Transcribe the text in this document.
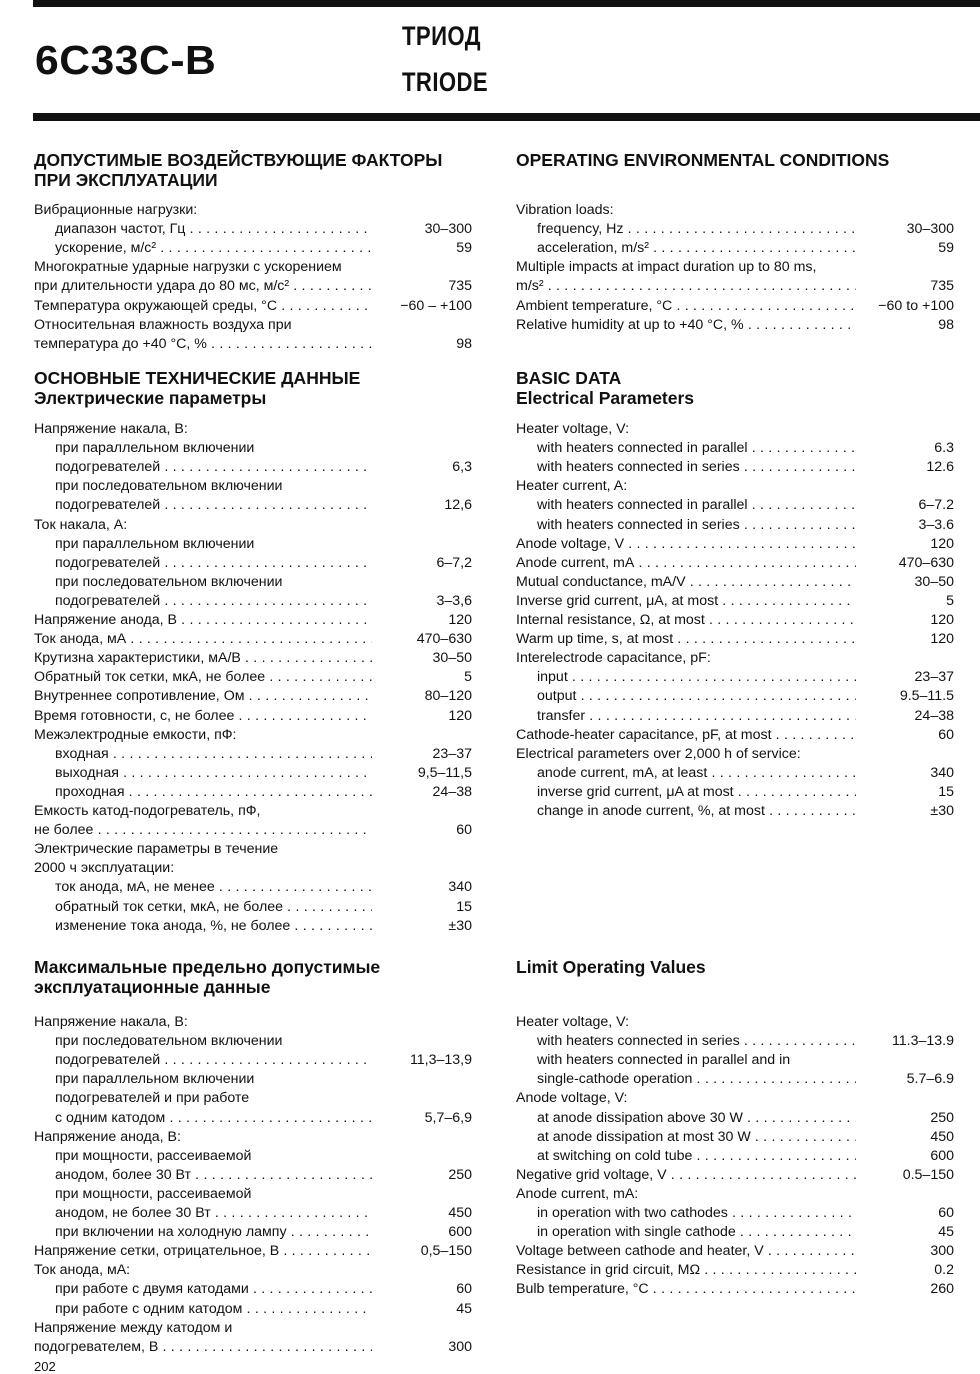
6С33С-В
ТРИОД
TRIODE
ДОПУСТИМЫЕ ВОЗДЕЙСТВУЮЩИЕ ФАКТОРЫ
ПРИ ЭКСПЛУАТАЦИИ
Вибрационные нагрузки:
диапазон частот, Гц . . .	30–300
ускорение, м/с² . . .	59
Многократные ударные нагрузки с ускорением
при длительности удара до 80 мс, м/с² . . .	735
Температура окружающей среды, °С . . .	−60 – +100
Относительная влажность воздуха при
температура до +40 °С, % . . .	98
ОСНОВНЫЕ ТЕХНИЧЕСКИЕ ДАННЫЕ
Электрические параметры
Напряжение накала, В:
при параллельном включении
подогревателей . . .	6,3
при последовательном включении
подогревателей . . .	12,6
Ток накала, А:
при параллельном включении
подогревателей . . .	6–7,2
при последовательном включении
подогревателей . . .	3–3,6
Напряжение анода, В . . .	120
Ток анода, мА . . .	470–630
Крутизна характеристики, мА/В . . .	30–50
Обратный ток сетки, мкА, не более . . .	5
Внутреннее сопротивление, Ом . . .	80–120
Время готовности, с, не более . . .	120
Межэлектродные емкости, пФ:
входная . . .	23–37
выходная . . .	9,5–11,5
проходная . . .	24–38
Емкость катод-подогреватель, пФ,
не более . . .	60
Электрические параметры в течение
2000 ч эксплуатации:
ток анода, мА, не менее . . .	340
обратный ток сетки, мкА, не более . . .	15
изменение тока анода, %, не более . . .	±30
Максимальные предельно допустимые
эксплуатационные данные
Напряжение накала, В:
при последовательном включении
подогревателей . . .	11,3–13,9
при параллельном включении
подогревателей и при работе
с одним катодом . . .	5,7–6,9
Напряжение анода, В:
при мощности, рассеиваемой
анодом, более 30 Вт . . .	250
при мощности, рассеиваемой
анодом, не более 30 Вт . . .	450
при включении на холодную лампу . . .	600
Напряжение сетки, отрицательное, В . . .	0,5–150
Ток анода, мА:
при работе с двумя катодами . . .	60
при работе с одним катодом . . .	45
Напряжение между катодом и
подогревателем, В . . .	300
OPERATING ENVIRONMENTAL CONDITIONS
Vibration loads:
frequency, Hz . . .	30–300
acceleration, m/s² . . .	59
Multiple impacts at impact duration up to 80 ms,
m/s² . . .	735
Ambient temperature, °C . . .	−60 to +100
Relative humidity at up to +40 °C, % . . .	98
BASIC DATA
Electrical Parameters
Heater voltage, V:
with heaters connected in parallel . . .	6.3
with heaters connected in series . . .	12.6
Heater current, A:
with heaters connected in parallel . . .	6–7.2
with heaters connected in series . . .	3–3.6
Anode voltage, V . . .	120
Anode current, mA . . .	470–630
Mutual conductance, mA/V . . .	30–50
Inverse grid current, μA, at most . . .	5
Internal resistance, Ω, at most . . .	120
Warm up time, s, at most . . .	120
Interelectrode capacitance, pF:
input . . .	23–37
output . . .	9.5–11.5
transfer . . .	24–38
Cathode-heater capacitance, pF, at most . . .	60
Electrical parameters over 2,000 h of service:
anode current, mA, at least . . .	340
inverse grid current, μA at most . . .	15
change in anode current, %, at most . . .	±30
Limit Operating Values
Heater voltage, V:
with heaters connected in series . . .	11.3–13.9
with heaters connected in parallel and in
single-cathode operation . . .	5.7–6.9
Anode voltage, V:
at anode dissipation above 30 W . . .	250
at anode dissipation at most 30 W . . .	450
at switching on cold tube . . .	600
Negative grid voltage, V . . .	0.5–150
Anode current, mA:
in operation with two cathodes . . .	60
in operation with single cathode . . .	45
Voltage between cathode and heater, V . . .	300
Resistance in grid circuit, MΩ . . .	0.2
Bulb temperature, °C . . .	260
202
